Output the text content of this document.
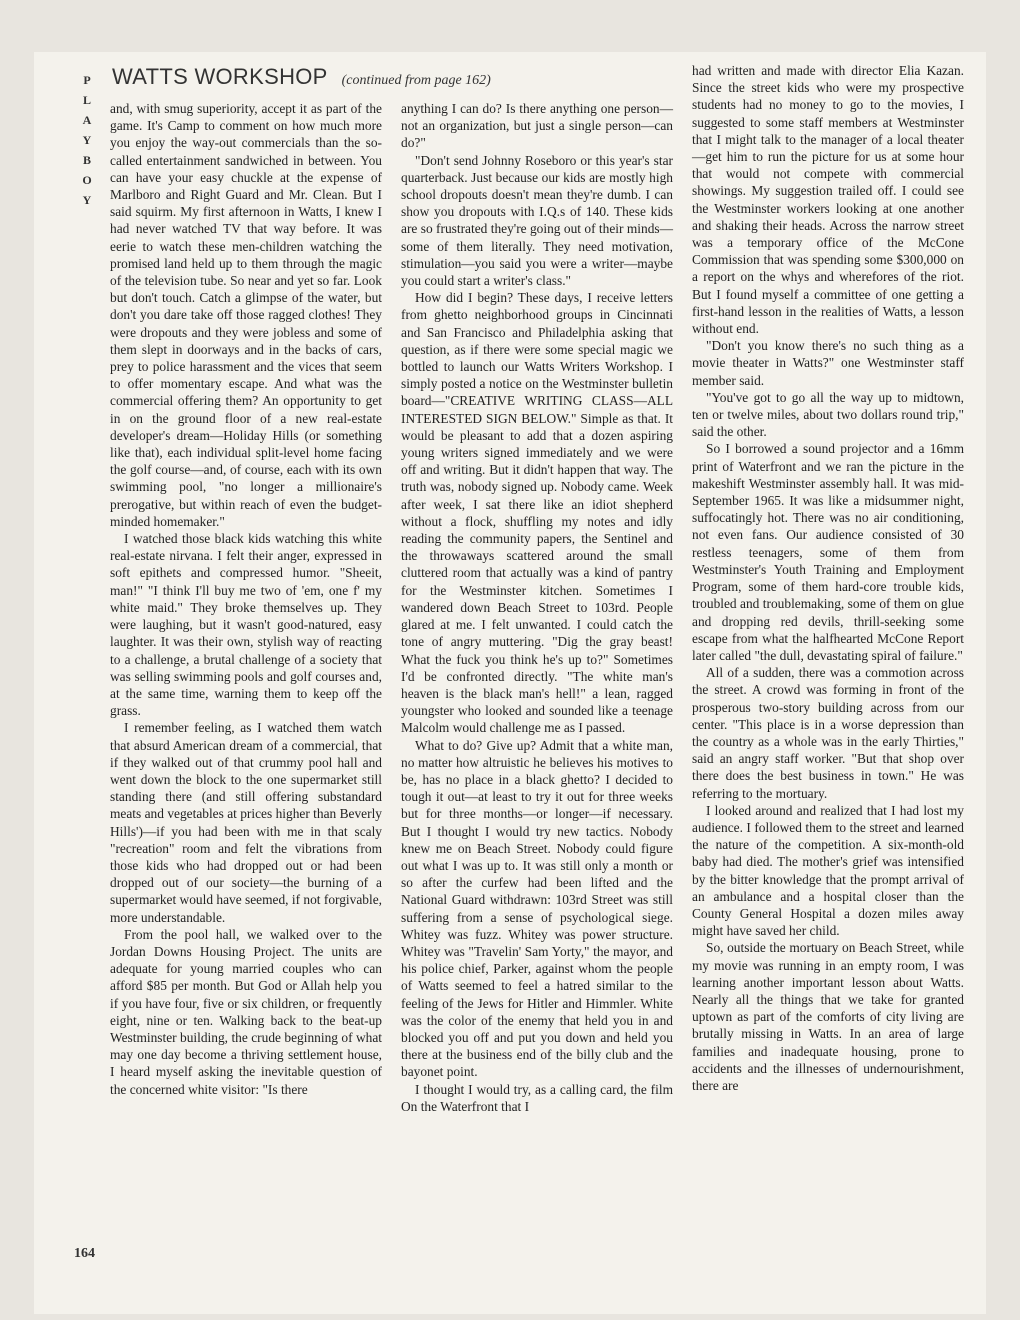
P
L
A
Y
B
O
Y
WATTS WORKSHOP (continued from page 162)

and, with smug superiority, accept it as part of the game. It's Camp to comment on how much more you enjoy the way-out commercials than the so-called entertainment sandwiched in between. You can have your easy chuckle at the expense of Marlboro and Right Guard and Mr. Clean. But I said squirm. My first afternoon in Watts, I knew I had never watched TV that way before. It was eerie to watch these men-children watching the promised land held up to them through the magic of the television tube. So near and yet so far. Look but don't touch. Catch a glimpse of the water, but don't you dare take off those ragged clothes! They were dropouts and they were jobless and some of them slept in doorways and in the backs of cars, prey to police harassment and the vices that seem to offer momentary escape. And what was the commercial offering them? An opportunity to get in on the ground floor of a new real-estate developer's dream—Holiday Hills (or something like that), each individual split-level home facing the golf course—and, of course, each with its own swimming pool, "no longer a millionaire's prerogative, but within reach of even the budget-minded homemaker."

I watched those black kids watching this white real-estate nirvana. I felt their anger, expressed in soft epithets and compressed humor. "Sheeit, man!" "I think I'll buy me two of 'em, one f' my white maid." They broke themselves up. They were laughing, but it wasn't good-natured, easy laughter. It was their own, stylish way of reacting to a challenge, a brutal challenge of a society that was selling swimming pools and golf courses and, at the same time, warning them to keep off the grass.

I remember feeling, as I watched them watch that absurd American dream of a commercial, that if they walked out of that crummy pool hall and went down the block to the one supermarket still standing there (and still offering substandard meats and vegetables at prices higher than Beverly Hills')—if you had been with me in that scaly "recreation" room and felt the vibrations from those kids who had dropped out or had been dropped out of our society—the burning of a supermarket would have seemed, if not forgivable, more understandable.

From the pool hall, we walked over to the Jordan Downs Housing Project. The units are adequate for young married couples who can afford $85 per month. But God or Allah help you if you have four, five or six children, or frequently eight, nine or ten. Walking back to the beat-up Westminster building, the crude beginning of what may one day become a thriving settlement house, I heard myself asking the inevitable question of the concerned white visitor: "Is there

anything I can do? Is there anything one person—not an organization, but just a single person—can do?"

"Don't send Johnny Roseboro or this year's star quarterback. Just because our kids are mostly high school dropouts doesn't mean they're dumb. I can show you dropouts with I.Q.s of 140. These kids are so frustrated they're going out of their minds—some of them literally. They need motivation, stimulation—you said you were a writer—maybe you could start a writer's class."

How did I begin? These days, I receive letters from ghetto neighborhood groups in Cincinnati and San Francisco and Philadelphia asking that question, as if there were some special magic we bottled to launch our Watts Writers Workshop. I simply posted a notice on the Westminster bulletin board—"CREATIVE WRITING CLASS—ALL INTERESTED SIGN BELOW." Simple as that. It would be pleasant to add that a dozen aspiring young writers signed immediately and we were off and writing. But it didn't happen that way. The truth was, nobody signed up. Nobody came. Week after week, I sat there like an idiot shepherd without a flock, shuffling my notes and idly reading the community papers, the Sentinel and the throwaways scattered around the small cluttered room that actually was a kind of pantry for the Westminster kitchen. Sometimes I wandered down Beach Street to 103rd. People glared at me. I felt unwanted. I could catch the tone of angry muttering. "Dig the gray beast! What the fuck you think he's up to?" Sometimes I'd be confronted directly. "The white man's heaven is the black man's hell!" a lean, ragged youngster who looked and sounded like a teenage Malcolm would challenge me as I passed.

What to do? Give up? Admit that a white man, no matter how altruistic he believes his motives to be, has no place in a black ghetto? I decided to tough it out—at least to try it out for three weeks but for three months—or longer—if necessary. But I thought I would try new tactics. Nobody knew me on Beach Street. Nobody could figure out what I was up to. It was still only a month or so after the curfew had been lifted and the National Guard withdrawn: 103rd Street was still suffering from a sense of psychological siege. Whitey was fuzz. Whitey was power structure. Whitey was "Travelin' Sam Yorty," the mayor, and his police chief, Parker, against whom the people of Watts seemed to feel a hatred similar to the feeling of the Jews for Hitler and Himmler. White was the color of the enemy that held you in and blocked you off and put you down and held you there at the business end of the billy club and the bayonet point.

I thought I would try, as a calling card, the film On the Waterfront that I

had written and made with director Elia Kazan. Since the street kids who were my prospective students had no money to go to the movies, I suggested to some staff members at Westminster that I might talk to the manager of a local theater—get him to run the picture for us at some hour that would not compete with commercial showings. My suggestion trailed off. I could see the Westminster workers looking at one another and shaking their heads. Across the narrow street was a temporary office of the McCone Commission that was spending some $300,000 on a report on the whys and wherefores of the riot. But I found myself a committee of one getting a first-hand lesson in the realities of Watts, a lesson without end.

"Don't you know there's no such thing as a movie theater in Watts?" one Westminster staff member said.

"You've got to go all the way up to midtown, ten or twelve miles, about two dollars round trip," said the other.

So I borrowed a sound projector and a 16mm print of Waterfront and we ran the picture in the makeshift Westminster assembly hall. It was mid-September 1965. It was like a midsummer night, suffocatingly hot. There was no air conditioning, not even fans. Our audience consisted of 30 restless teenagers, some of them from Westminster's Youth Training and Employment Program, some of them hard-core trouble kids, troubled and troublemaking, some of them on glue and dropping red devils, thrill-seeking some escape from what the halfhearted McCone Report later called "the dull, devastating spiral of failure."

All of a sudden, there was a commotion across the street. A crowd was forming in front of the prosperous two-story building across from our center. "This place is in a worse depression than the country as a whole was in the early Thirties," said an angry staff worker. "But that shop over there does the best business in town." He was referring to the mortuary.

I looked around and realized that I had lost my audience. I followed them to the street and learned the nature of the competition. A six-month-old baby had died. The mother's grief was intensified by the bitter knowledge that the prompt arrival of an ambulance and a hospital closer than the County General Hospital a dozen miles away might have saved her child.

So, outside the mortuary on Beach Street, while my movie was running in an empty room, I was learning another important lesson about Watts. Nearly all the things that we take for granted uptown as part of the comforts of city living are brutally missing in Watts. In an area of large families and inadequate housing, prone to accidents and the illnesses of undernourishment, there are

164
